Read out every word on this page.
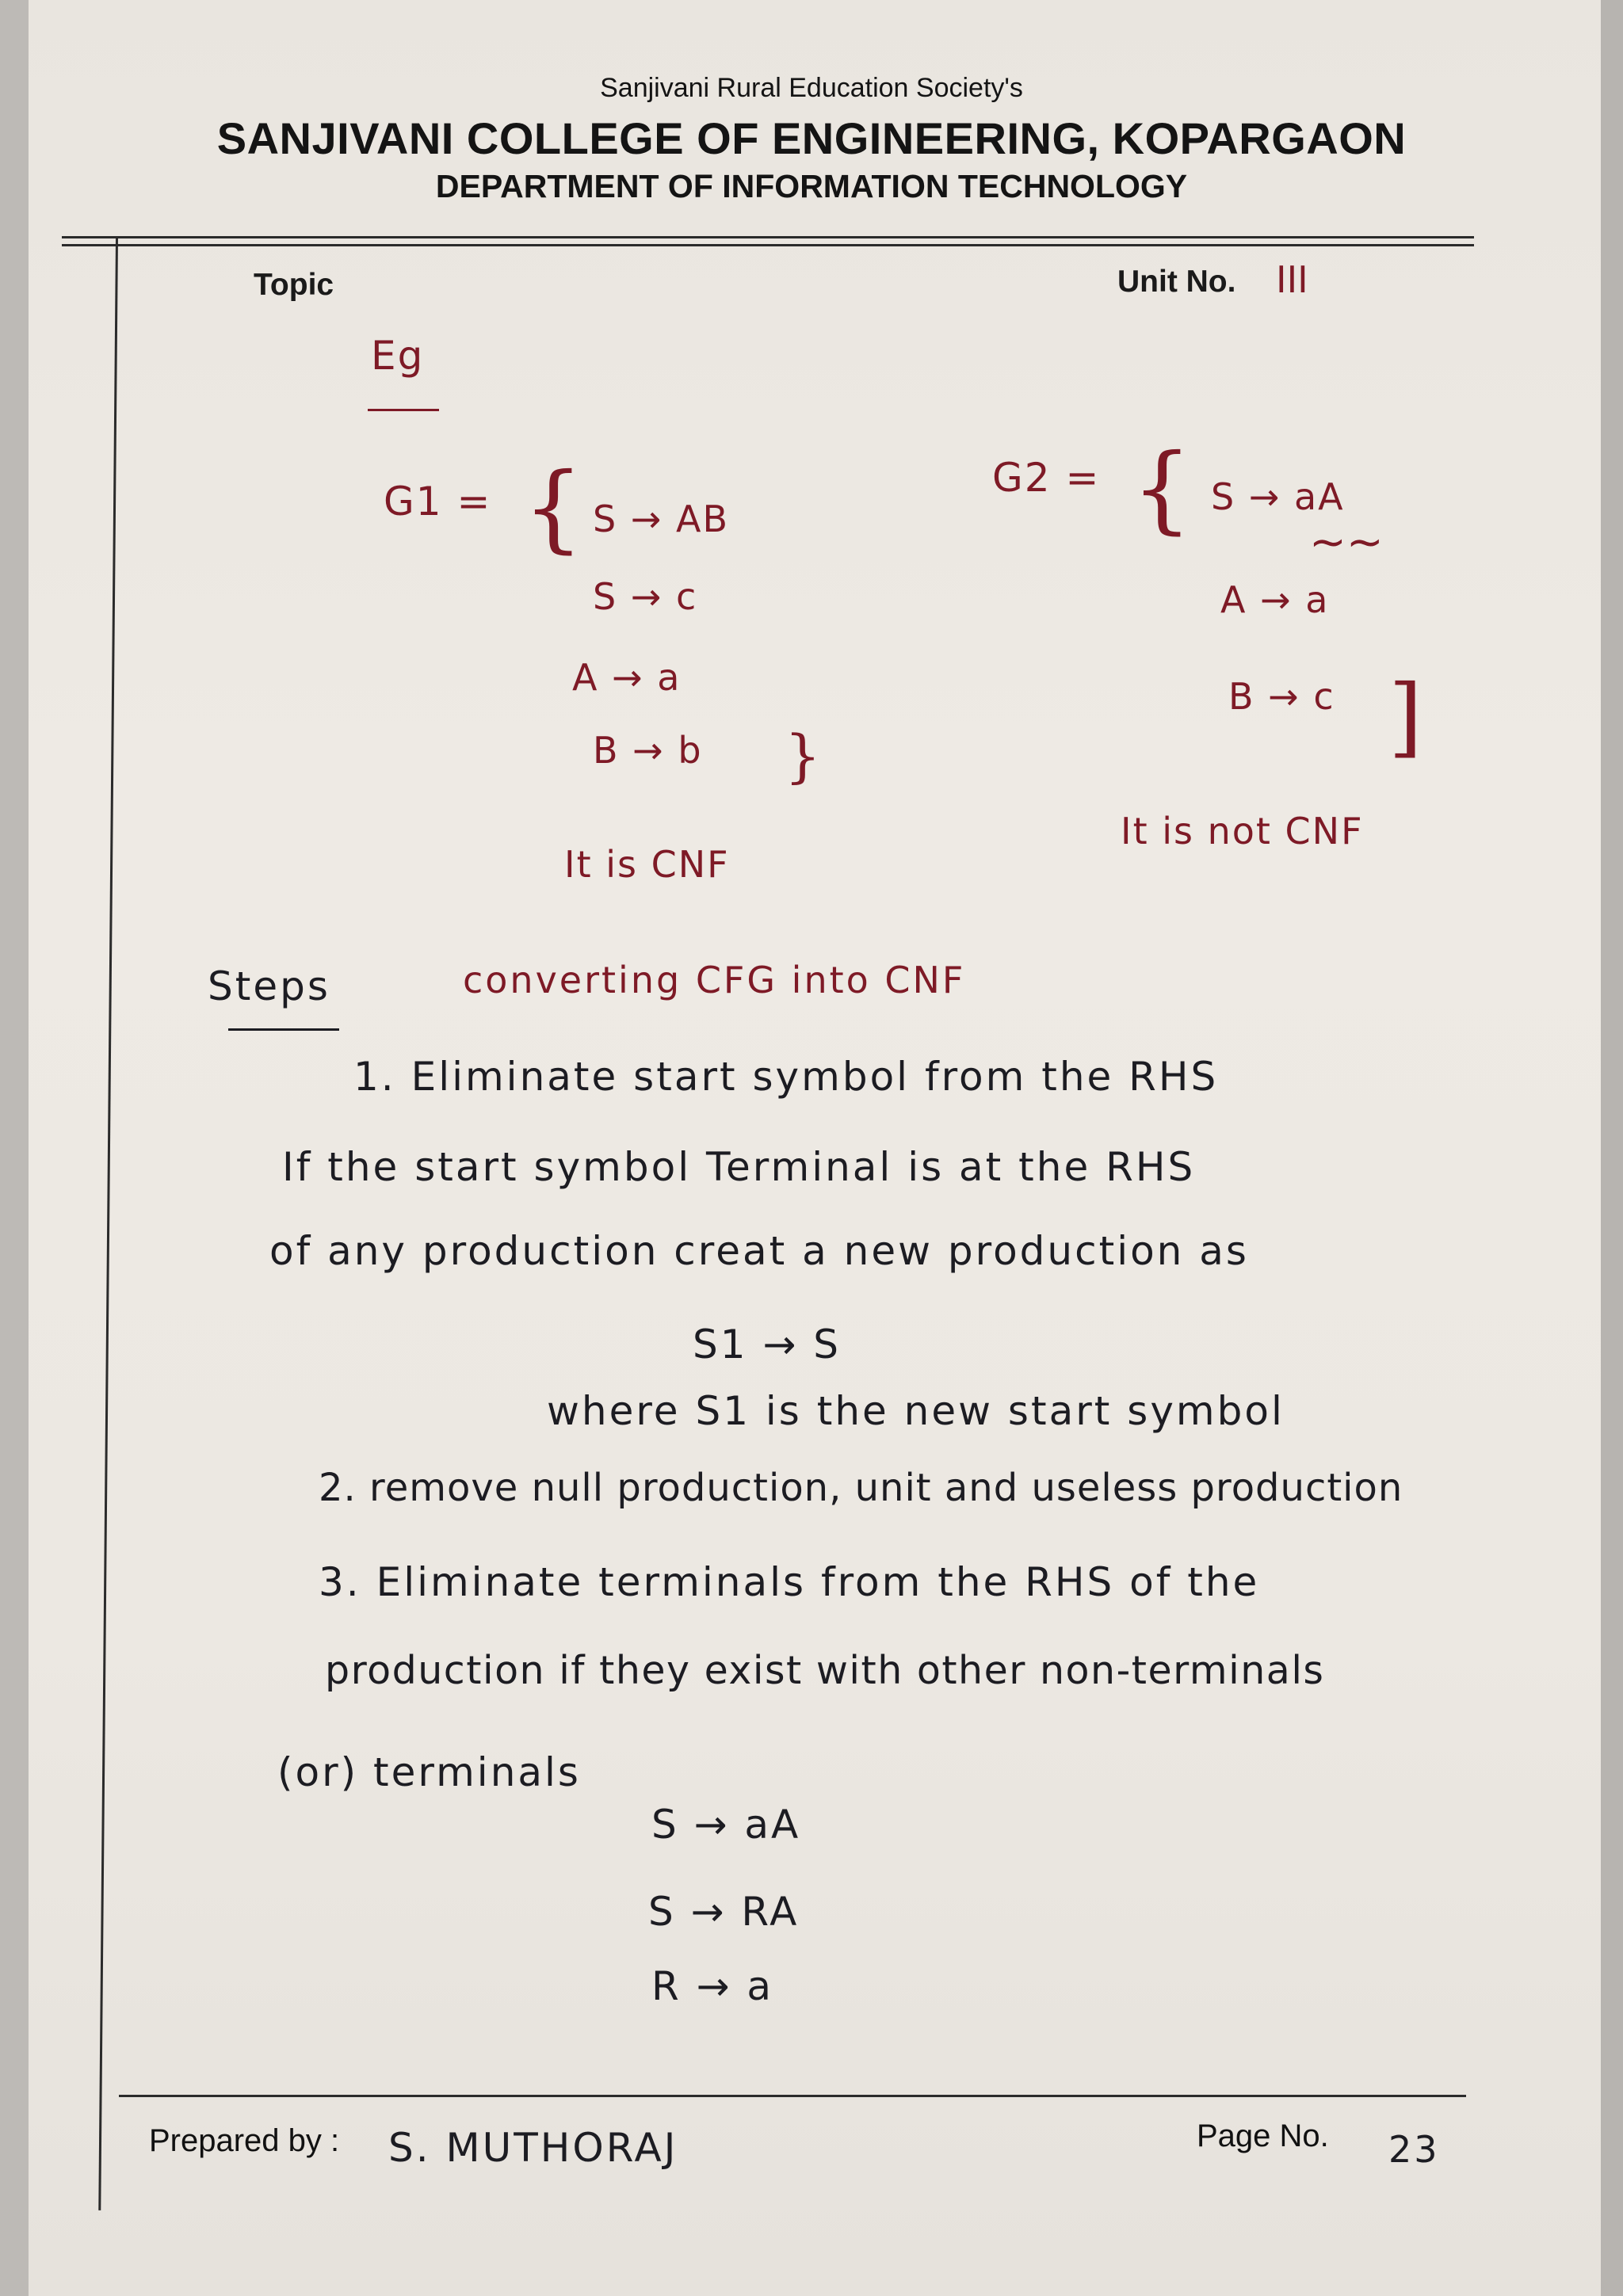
Sanjivani Rural Education Society's
SANJIVANI COLLEGE OF ENGINEERING, KOPARGAON
DEPARTMENT OF INFORMATION TECHNOLOGY
Topic	Unit No. III
Eg
G1 = { S → AB
S → c
A → a
B → b }
It is CNF
G2 = { S → aA
∼∼
A → a
B → c ]
It is not CNF
Steps	converting CFG into CNF
1. Eliminate start symbol from the RHS
If the start symbol Terminal is at the RHS
of any production creat a new production as
S1 → S
where S1 is the new start symbol
2. remove null production, unit and useless production
3. Eliminate terminals from the RHS of the
production if they exist with other non-terminals
(or) terminals
S → aA
S → RA
R → a
Prepared by : S. MUTHORAJ	Page No. 23
